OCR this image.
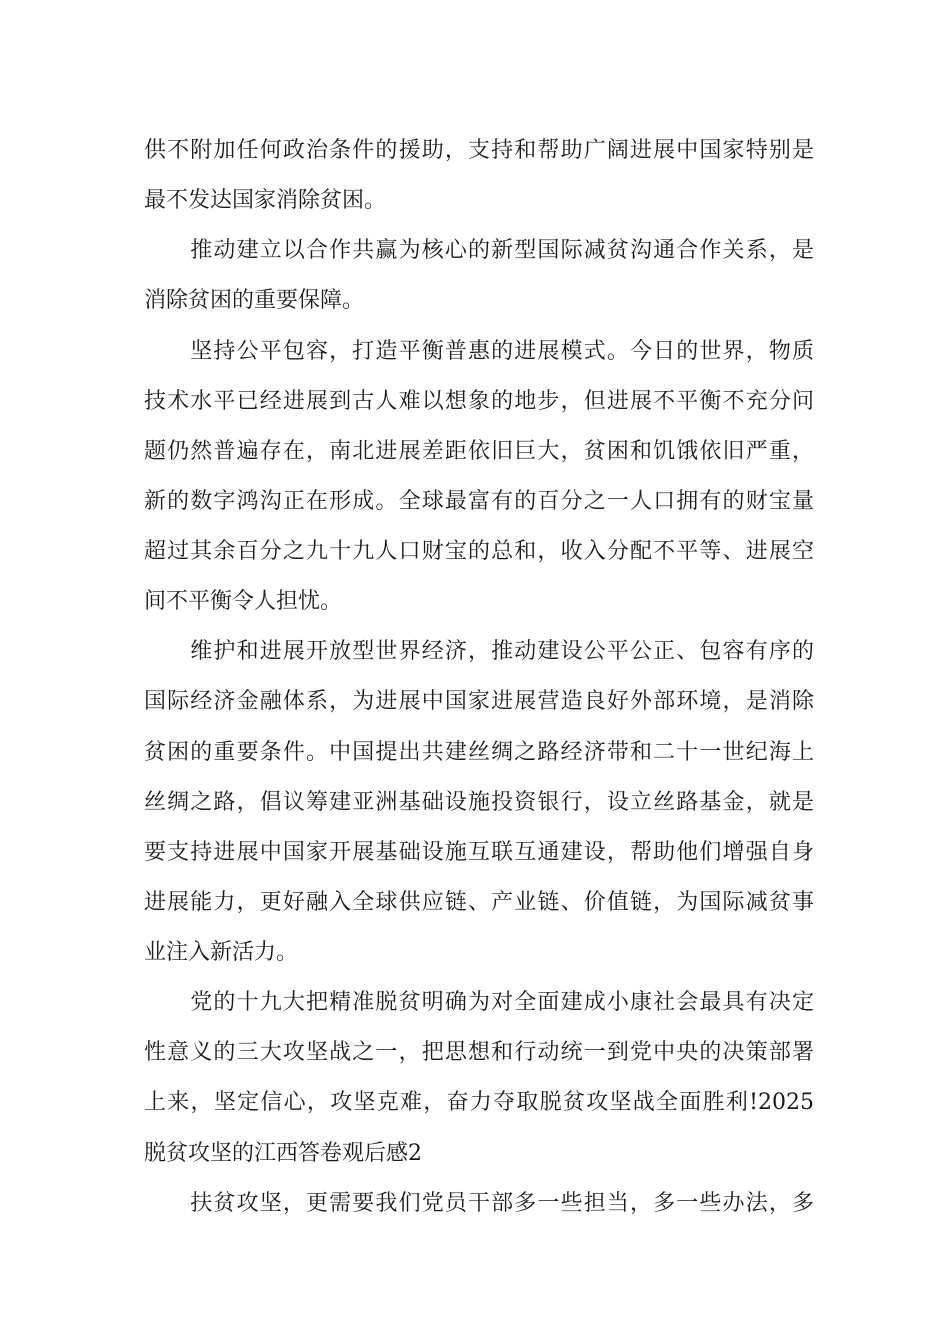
供不附加任何政治条件的援助，支持和帮助广阔进展中国家特别是
最不发达国家消除贫困。
　　推动建立以合作共赢为核心的新型国际减贫沟通合作关系，是
消除贫困的重要保障。
　　坚持公平包容，打造平衡普惠的进展模式。今日的世界，物质
技术水平已经进展到古人难以想象的地步，但进展不平衡不充分问
题仍然普遍存在，南北进展差距依旧巨大，贫困和饥饿依旧严重，
新的数字鸿沟正在形成。全球最富有的百分之一人口拥有的财宝量
超过其余百分之九十九人口财宝的总和，收入分配不平等、进展空
间不平衡令人担忧。
　　维护和进展开放型世界经济，推动建设公平公正、包容有序的
国际经济金融体系，为进展中国家进展营造良好外部环境，是消除
贫困的重要条件。中国提出共建丝绸之路经济带和二十一世纪海上
丝绸之路，倡议筹建亚洲基础设施投资银行，设立丝路基金，就是
要支持进展中国家开展基础设施互联互通建设，帮助他们增强自身
进展能力，更好融入全球供应链、产业链、价值链，为国际减贫事
业注入新活力。
　　党的十九大把精准脱贫明确为对全面建成小康社会最具有决定
性意义的三大攻坚战之一，把思想和行动统一到党中央的决策部署
上来，坚定信心，攻坚克难，奋力夺取脱贫攻坚战全面胜利!2025
脱贫攻坚的江西答卷观后感2
　　扶贫攻坚，更需要我们党员干部多一些担当，多一些办法，多
